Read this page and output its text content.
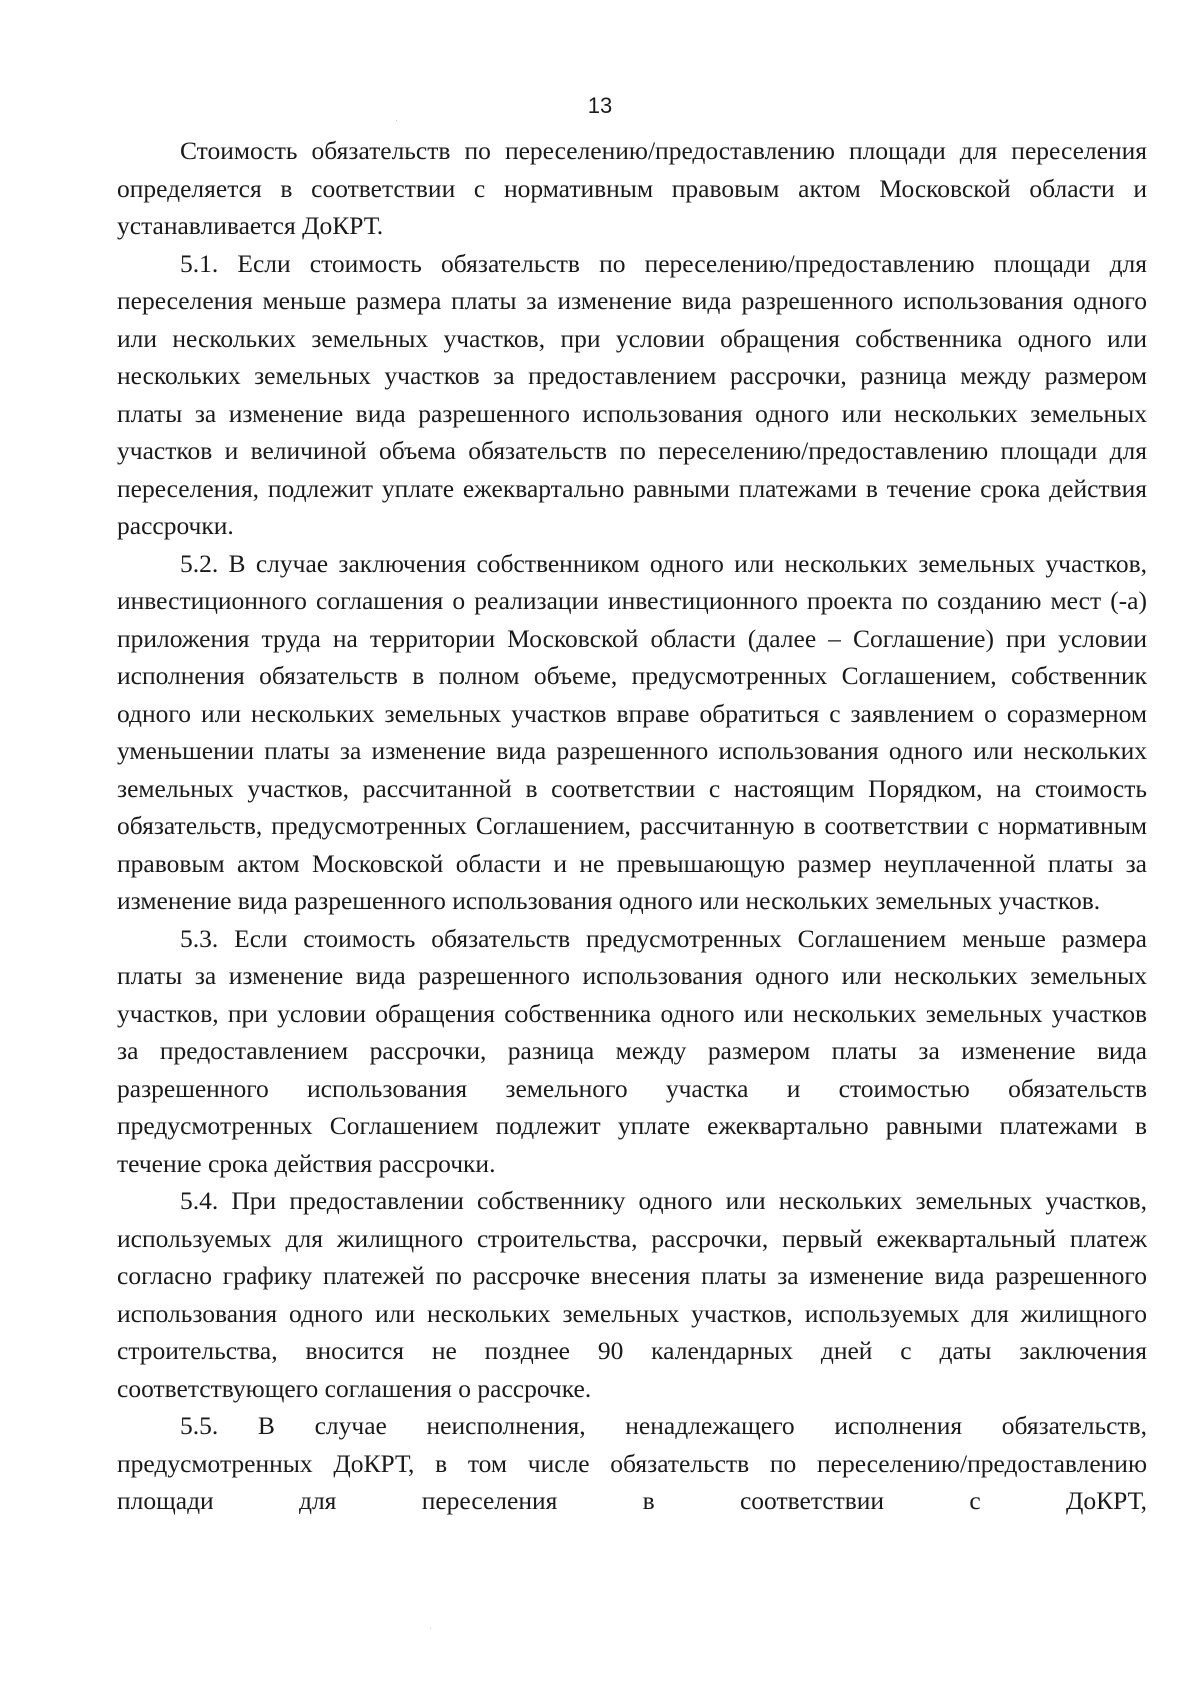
13

Стоимость обязательств по переселению/предоставлению площади для переселения определяется в соответствии с нормативным правовым актом Московской области и устанавливается ДоКРТ.

5.1. Если стоимость обязательств по переселению/предоставлению площади для переселения меньше размера платы за изменение вида разрешенного использования одного или нескольких земельных участков, при условии обращения собственника одного или нескольких земельных участков за предоставлением рассрочки, разница между размером платы за изменение вида разрешенного использования одного или нескольких земельных участков и величиной объема обязательств по переселению/предоставлению площади для переселения, подлежит уплате ежеквартально равными платежами в течение срока действия рассрочки.

5.2. В случае заключения собственником одного или нескольких земельных участков, инвестиционного соглашения о реализации инвестиционного проекта по созданию мест (-а) приложения труда на территории Московской области (далее – Соглашение) при условии исполнения обязательств в полном объеме, предусмотренных Соглашением, собственник одного или нескольких земельных участков вправе обратиться с заявлением о соразмерном уменьшении платы за изменение вида разрешенного использования одного или нескольких земельных участков, рассчитанной в соответствии с настоящим Порядком, на стоимость обязательств, предусмотренных Соглашением, рассчитанную в соответствии с нормативным правовым актом Московской области и не превышающую размер неуплаченной платы за изменение вида разрешенного использования одного или нескольких земельных участков.

5.3. Если стоимость обязательств предусмотренных Соглашением меньше размера платы за изменение вида разрешенного использования одного или нескольких земельных участков, при условии обращения собственника одного или нескольких земельных участков за предоставлением рассрочки, разница между размером платы за изменение вида разрешенного использования земельного участка и стоимостью обязательств предусмотренных Соглашением подлежит уплате ежеквартально равными платежами в течение срока действия рассрочки.

5.4. При предоставлении собственнику одного или нескольких земельных участков, используемых для жилищного строительства, рассрочки, первый ежеквартальный платеж согласно графику платежей по рассрочке внесения платы за изменение вида разрешенного использования одного или нескольких земельных участков, используемых для жилищного строительства, вносится не позднее 90 календарных дней с даты заключения соответствующего соглашения о рассрочке.

5.5. В случае неисполнения, ненадлежащего исполнения обязательств, предусмотренных ДоКРТ, в том числе обязательств по переселению/предоставлению площади для переселения в соответствии с ДоКРТ,
